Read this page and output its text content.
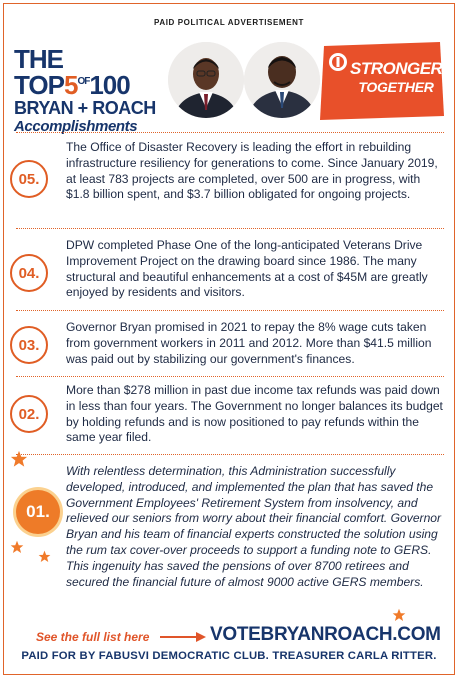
PAID POLITICAL ADVERTISEMENT
THE $TOP5^{OF}100$
BRYAN + ROACH
Accomplishments
STRONGER
TOGETHER
05.

The Office of Disaster Recovery is leading the effort in rebuilding infrastructure resiliency for generations to come. Since January 2019, at least 783 projects are completed, over 500 are in progress, with $1.8 billion spent, and $3.7 billion obligated for ongoing projects.

04.

DPW completed Phase One of the long-anticipated Veterans Drive Improvement Project on the drawing board since 1986. The many structural and beautiful enhancements at a cost of $45M are greatly enjoyed by residents and visitors.

03.

Governor Bryan promised in 2021 to repay the 8% wage cuts taken from government workers in 2011 and 2012. More than $41.5 million was paid out by stabilizing our government's finances.

02.

More than $278 million in past due income tax refunds was paid down in less than four years. The Government no longer balances its budget by holding refunds and is now positioned to pay refunds within the same year filed.

01.

With relentless determination, this Administration successfully developed, introduced, and implemented the plan that has saved the Government Employees' Retirement System from insolvency, and relieved our seniors from worry about their financial comfort. Governor Bryan and his team of financial experts constructed the solution using the rum tax cover-over proceeds to support a funding note to GERS. This ingenuity has saved the pensions of over 8700 retirees and secured the financial future of almost 9000 active GERS members.

See the full list here	VOTEBRYANROACH.COM
PAID FOR BY FABUSVI DEMOCRATIC CLUB. TREASURER CARLA RITTER.
